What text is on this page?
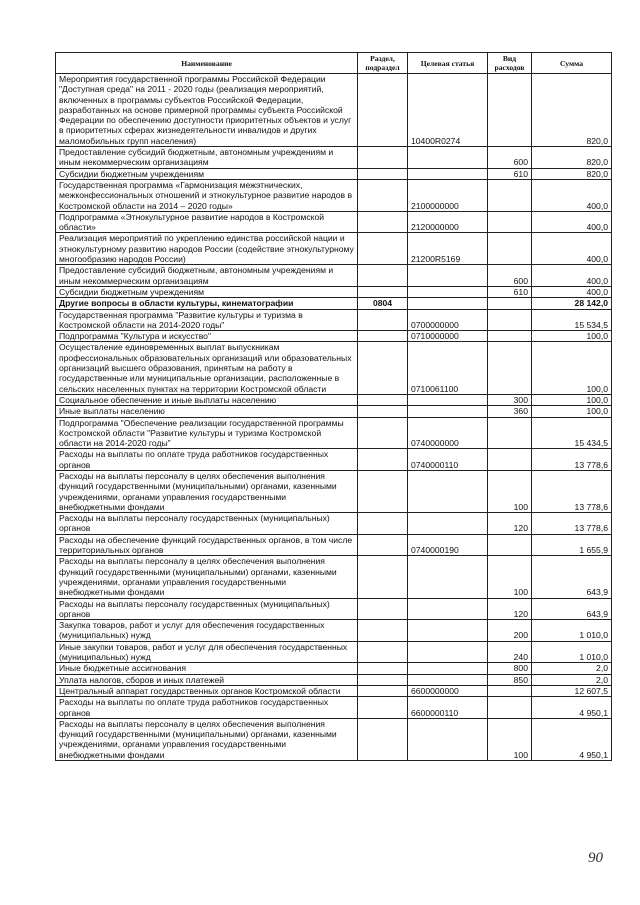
Наименование	Раздел, подраздел	Целевая статья	Вид расходов	Сумма
Мероприятия государственной программы Российской Федерации "Доступная среда" на 2011 - 2020 годы (реализация мероприятий, включенных в программы субъектов Российской Федерации, разработанных на основе примерной программы субъекта Российской Федерации по обеспечению доступности приоритетных объектов и услуг в приоритетных сферах жизнедеятельности инвалидов и других маломобильных групп населения)		10400R0274		820,0
Предоставление субсидий бюджетным, автономным учреждениям и иным некоммерческим организациям			600	820,0
Субсидии бюджетным учреждениям			610	820,0
Государственная программа «Гармонизация межэтнических, межконфессиональных отношений и этнокультурное развитие народов в Костромской области на 2014 – 2020 годы»		2100000000		400,0
Подпрограмма «Этнокультурное развитие народов в Костромской области»		2120000000		400,0
Реализация мероприятий по укреплению единства российской нации и этнокультурному развитию народов России (содействие этнокультурному многообразию народов России)		21200R5169		400,0
Предоставление субсидий бюджетным, автономным учреждениям и иным некоммерческим организациям			600	400,0
Субсидии бюджетным учреждениям			610	400,0
Другие вопросы в области культуры, кинематографии	0804			28 142,0
Государственная программа "Развитие культуры и туризма в Костромской области на 2014-2020 годы"		0700000000		15 534,5
Подпрограмма "Культура и искусство"		0710000000		100,0
Осуществление единовременных выплат выпускникам профессиональных образовательных организаций или образовательных организаций высшего образования, принятым на работу в государственные или муниципальные организации, расположенные в сельских населенных пунктах на территории Костромской области		0710061100		100,0
Социальное обеспечение и иные выплаты населению			300	100,0
Иные выплаты населению			360	100,0
Подпрограмма "Обеспечение реализации государственной программы Костромской области "Развитие культуры и туризма Костромской области на 2014-2020 годы"		0740000000		15 434,5
Расходы на выплаты по оплате труда работников государственных органов		0740000110		13 778,6
Расходы на выплаты персоналу в целях обеспечения выполнения функций государственными (муниципальными) органами, казенными учреждениями, органами управления государственными внебюджетными фондами			100	13 778,6
Расходы на выплаты персоналу государственных (муниципальных) органов			120	13 778,6
Расходы на обеспечение функций государственных органов, в том числе территориальных органов		0740000190		1 655,9
Расходы на выплаты персоналу в целях обеспечения выполнения функций государственными (муниципальными) органами, казенными учреждениями, органами управления государственными внебюджетными фондами			100	643,9
Расходы на выплаты персоналу государственных (муниципальных) органов			120	643,9
Закупка товаров, работ и услуг для обеспечения государственных (муниципальных) нужд			200	1 010,0
Иные закупки товаров, работ и услуг для обеспечения государственных (муниципальных) нужд			240	1 010,0
Иные бюджетные ассигнования			800	2,0
Уплата налогов, сборов и иных платежей			850	2,0
Центральный аппарат государственных органов Костромской области		6600000000		12 607,5
Расходы на выплаты по оплате труда работников государственных органов		6600000110		4 950,1
Расходы на выплаты персоналу в целях обеспечения выполнения функций государственными (муниципальными) органами, казенными учреждениями, органами управления государственными внебюджетными фондами			100	4 950,1
90
